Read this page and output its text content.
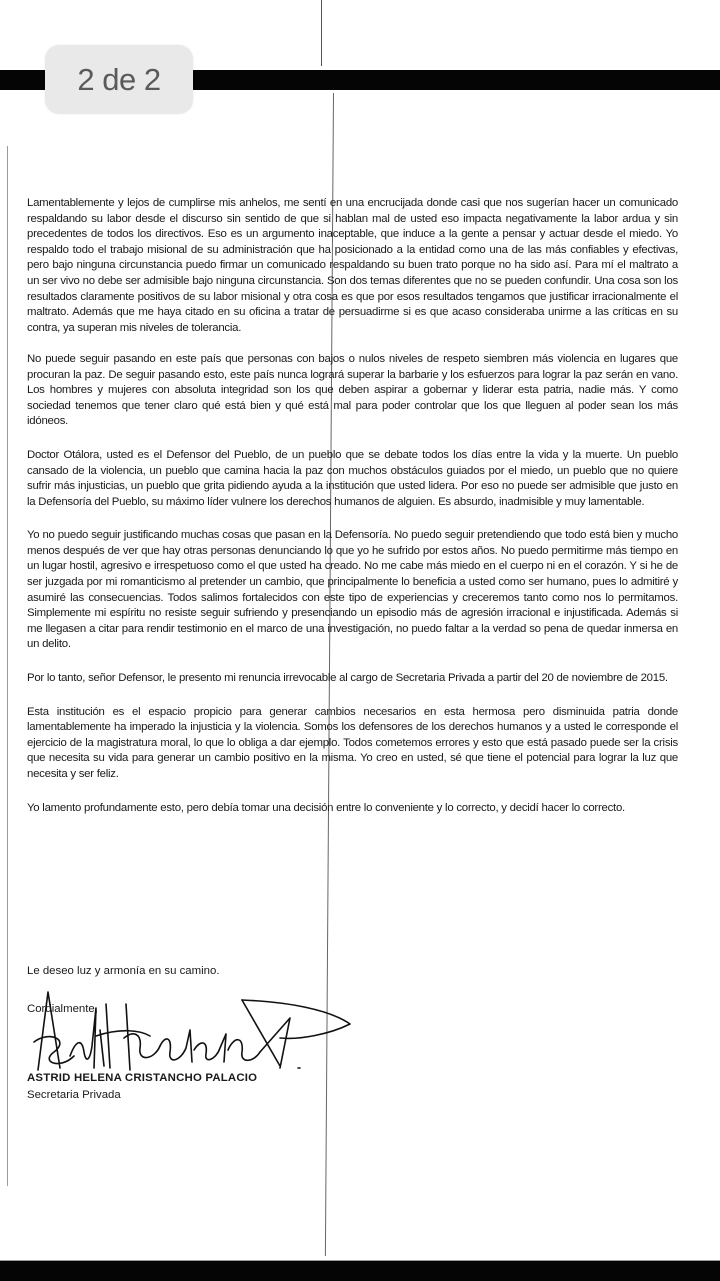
2 de 2

Lamentablemente y lejos de cumplirse mis anhelos, me sentí en una encrucijada donde casi que nos sugerían hacer un comunicado respaldando su labor desde el discurso sin sentido de que si hablan mal de usted eso impacta negativamente la labor ardua y sin precedentes de todos los directivos. Eso es un argumento inaceptable, que induce a la gente a pensar y actuar desde el miedo. Yo respaldo todo el trabajo misional de su administración que ha posicionado a la entidad como una de las más confiables y efectivas, pero bajo ninguna circunstancia puedo firmar un comunicado respaldando su buen trato porque no ha sido así. Para mí el maltrato a un ser vivo no debe ser admisible bajo ninguna circunstancia. Son dos temas diferentes que no se pueden confundir. Una cosa son los resultados claramente positivos de su labor misional y otra cosa es que por esos resultados tengamos que justificar irracionalmente el maltrato. Además que me haya citado en su oficina a tratar de persuadirme si es que acaso consideraba unirme a las críticas en su contra, ya superan mis niveles de tolerancia.

No puede seguir pasando en este país que personas con bajos o nulos niveles de respeto siembren más violencia en lugares que procuran la paz. De seguir pasando esto, este país nunca logrará superar la barbarie y los esfuerzos para lograr la paz serán en vano. Los hombres y mujeres con absoluta integridad son los que deben aspirar a gobernar y liderar esta patria, nadie más. Y como sociedad tenemos que tener claro qué está bien y qué está mal para poder controlar que los que lleguen al poder sean los más idóneos.

Doctor Otálora, usted es el Defensor del Pueblo, de un pueblo que se debate todos los días entre la vida y la muerte. Un pueblo cansado de la violencia, un pueblo que camina hacia la paz con muchos obstáculos guiados por el miedo, un pueblo que no quiere sufrir más injusticias, un pueblo que grita pidiendo ayuda a la institución que usted lidera. Por eso no puede ser admisible que justo en la Defensoría del Pueblo, su máximo líder vulnere los derechos humanos de alguien. Es absurdo, inadmisible y muy lamentable.

Yo no puedo seguir justificando muchas cosas que pasan en la Defensoría. No puedo seguir pretendiendo que todo está bien y mucho menos después de ver que hay otras personas denunciando lo que yo he sufrido por estos años. No puedo permitirme más tiempo en un lugar hostil, agresivo e irrespetuoso como el que usted ha creado. No me cabe más miedo en el cuerpo ni en el corazón. Y si he de ser juzgada por mi romanticismo al pretender un cambio, que principalmente lo beneficia a usted como ser humano, pues lo admitiré y asumiré las consecuencias. Todos salimos fortalecidos con este tipo de experiencias y creceremos tanto como nos lo permitamos. Simplemente mi espíritu no resiste seguir sufriendo y presenciando un episodio más de agresión irracional e injustificada. Además si me llegasen a citar para rendir testimonio en el marco de una investigación, no puedo faltar a la verdad so pena de quedar inmersa en un delito.

Por lo tanto, señor Defensor, le presento mi renuncia irrevocable al cargo de Secretaria Privada a partir del 20 de noviembre de 2015.

Esta institución es el espacio propicio para generar cambios necesarios en esta hermosa pero disminuida patria donde lamentablemente ha imperado la injusticia y la violencia. Somos los defensores de los derechos humanos y a usted le corresponde el ejercicio de la magistratura moral, lo que lo obliga a dar ejemplo. Todos cometemos errores y esto que está pasado puede ser la crisis que necesita su vida para generar un cambio positivo en la misma. Yo creo en usted, sé que tiene el potencial para lograr la luz que necesita y ser feliz.

Yo lamento profundamente esto, pero debía tomar una decisión entre lo conveniente y lo correcto, y decidí hacer lo correcto.

Le deseo luz y armonía en su camino.
Cordialmente,
ASTRID HELENA CRISTANCHO PALACIO
Secretaria Privada
